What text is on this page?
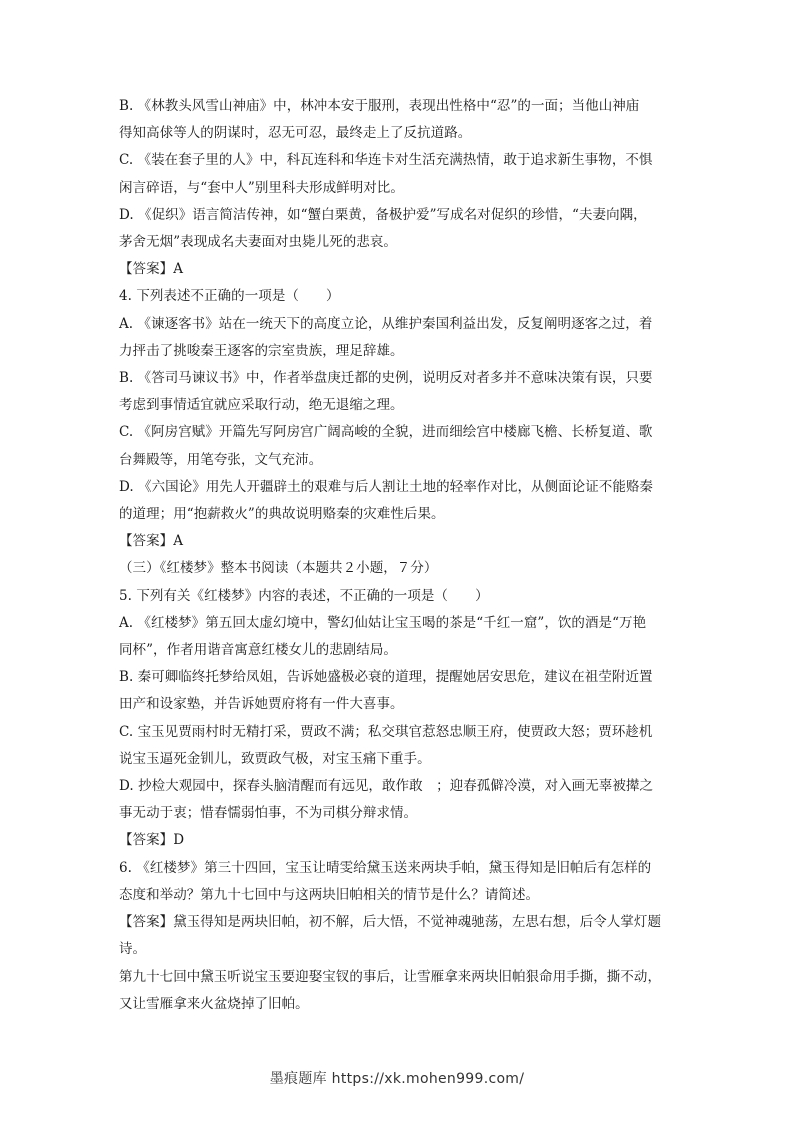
B. 《林教头风雪山神庙》中，林冲本安于服刑，表现出性格中“忍”的一面；当他山神庙
得知高俅等人的阴谋时，忍无可忍，最终走上了反抗道路。
C. 《装在套子里的人》中，科瓦连科和华连卡对生活充满热情，敢于追求新生事物，不惧
闲言碎语，与“套中人”别里科夫形成鲜明对比。
D. 《促织》语言简洁传神，如“蟹白栗黄，备极护爱”写成名对促织的珍惜，“夫妻向隅，
茅舍无烟”表现成名夫妻面对虫毙儿死的悲哀。
【答案】A
4. 下列表述不正确的一项是（　　）
A. 《谏逐客书》站在一统天下的高度立论，从维护秦国利益出发，反复阐明逐客之过，着
力抨击了挑唆秦王逐客的宗室贵族，理足辞雄。
B. 《答司马谏议书》中，作者举盘庚迁都的史例，说明反对者多并不意味决策有误，只要
考虑到事情适宜就应采取行动，绝无退缩之理。
C. 《阿房宫赋》开篇先写阿房宫广阔高峻的全貌，进而细绘宫中楼廊飞檐、长桥复道、歌
台舞殿等，用笔夸张，文气充沛。
D. 《六国论》用先人开疆辟土的艰难与后人割让土地的轻率作对比，从侧面论证不能赂秦
的道理；用“抱薪救火”的典故说明赂秦的灾难性后果。
【答案】A
（三）《红楼梦》整本书阅读（本题共２小题，７分）
5. 下列有关《红楼梦》内容的表述，不正确的一项是（　　）
A. 《红楼梦》第五回太虚幻境中，警幻仙姑让宝玉喝的茶是“千红一窟”，饮的酒是“万艳
同杯”，作者用谐音寓意红楼女儿的悲剧结局。
B. 秦可卿临终托梦给凤姐，告诉她盛极必衰的道理，提醒她居安思危，建议在祖茔附近置
田产和设家塾，并告诉她贾府将有一件大喜事。
C. 宝玉见贾雨村时无精打采，贾政不满；私交琪官惹怒忠顺王府，使贾政大怒；贾环趁机
说宝玉逼死金钏儿，致贾政气极，对宝玉痛下重手。
D. 抄检大观园中，探春头脑清醒而有远见，敢作敢　；迎春孤僻冷漠，对入画无辜被撵之
事无动于衷；惜春懦弱怕事，不为司棋分辩求情。
【答案】D
6. 《红楼梦》第三十四回，宝玉让晴雯给黛玉送来两块手帕，黛玉得知是旧帕后有怎样的
态度和举动？第九十七回中与这两块旧帕相关的情节是什么？请简述。
【答案】黛玉得知是两块旧帕，初不解，后大悟，不觉神魂驰荡，左思右想，后令人掌灯题
诗。
第九十七回中黛玉听说宝玉要迎娶宝钗的事后，让雪雁拿来两块旧帕狠命用手撕，撕不动，
又让雪雁拿来火盆烧掉了旧帕。
墨痕题库 https://xk.mohen999.com/
